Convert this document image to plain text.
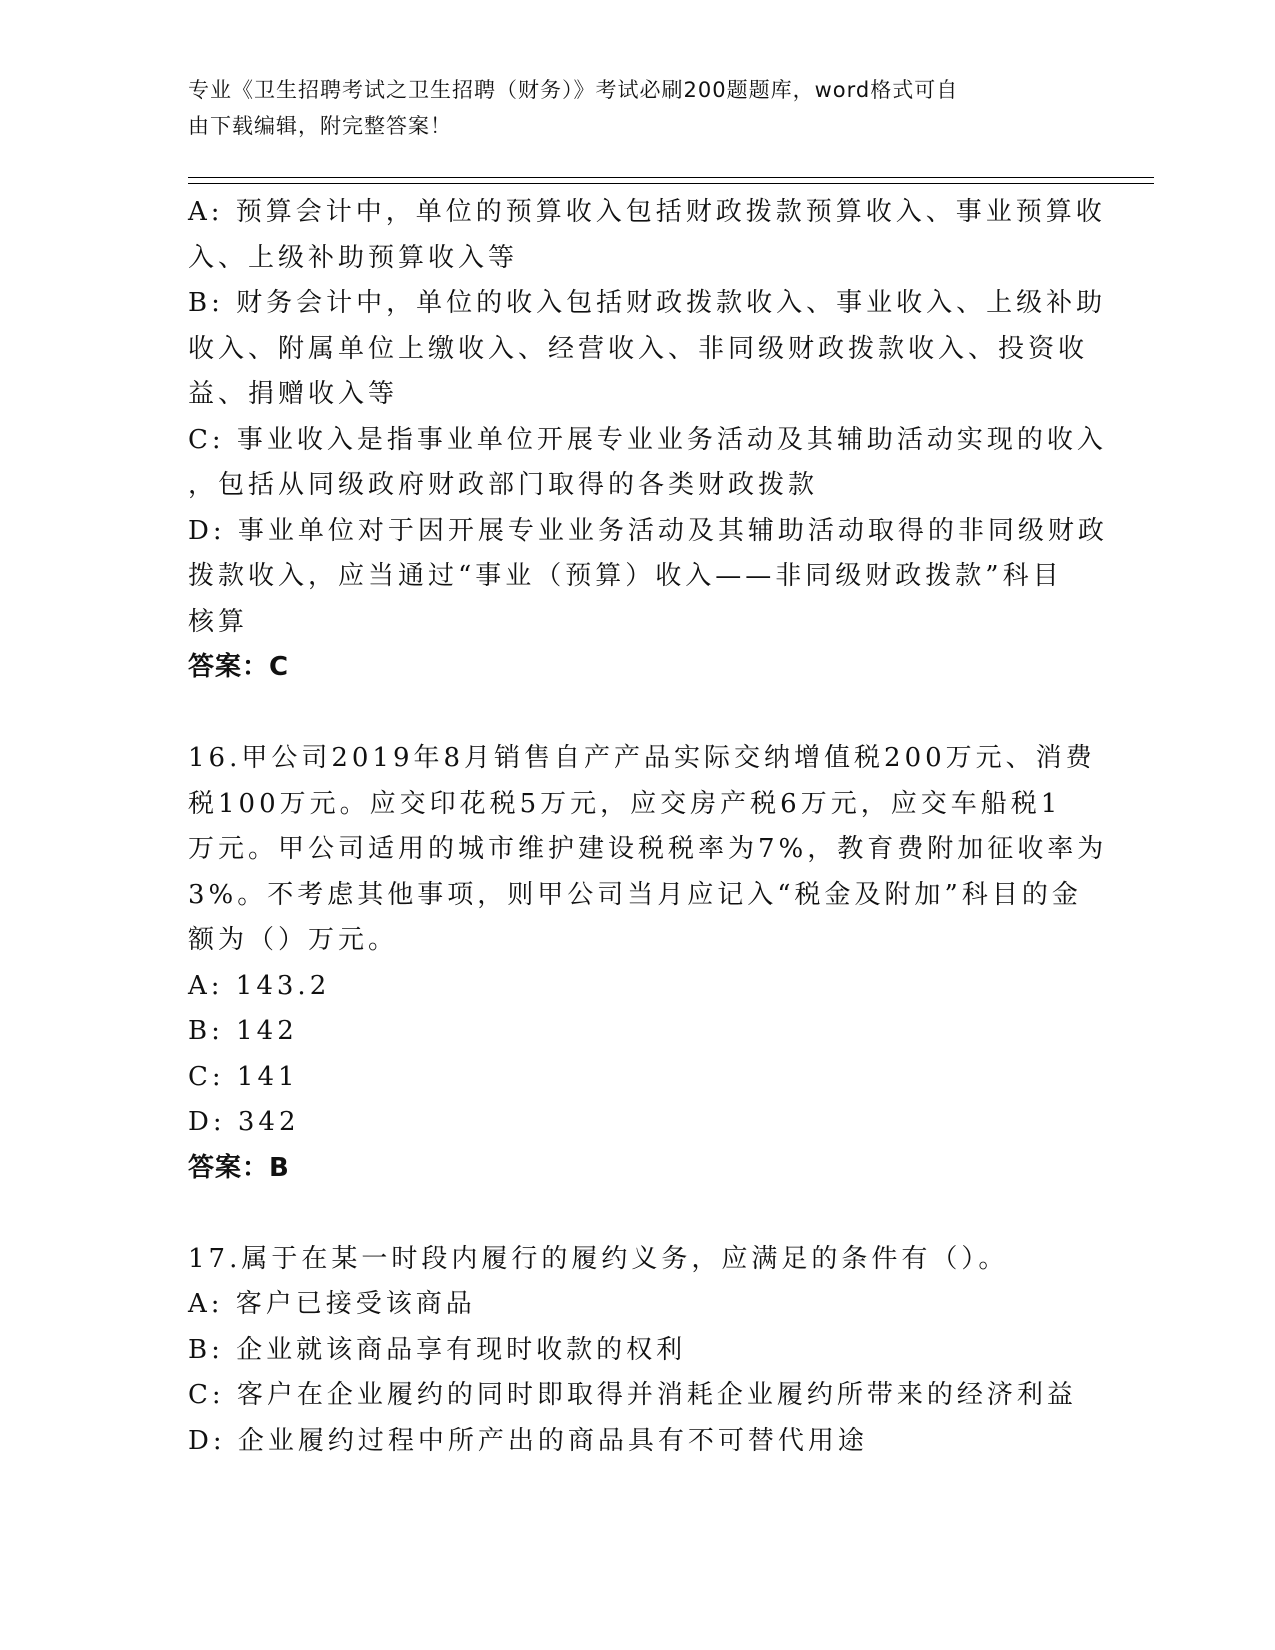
专业《卫生招聘考试之卫生招聘（财务）》考试必刷200题题库，word格式可自
由下载编辑，附完整答案！
A: 预算会计中，单位的预算收入包括财政拨款预算收入、事业预算收
入、上级补助预算收入等
B: 财务会计中，单位的收入包括财政拨款收入、事业收入、上级补助
收入、附属单位上缴收入、经营收入、非同级财政拨款收入、投资收
益、捐赠收入等
C: 事业收入是指事业单位开展专业业务活动及其辅助活动实现的收入
，包括从同级政府财政部门取得的各类财政拨款
D: 事业单位对于因开展专业业务活动及其辅助活动取得的非同级财政
拨款收入，应当通过“事业（预算）收入——非同级财政拨款”科目
核算
答案：C
16.甲公司2019年8月销售自产产品实际交纳增值税200万元、消费
税100万元。应交印花税5万元，应交房产税6万元，应交车船税1
万元。甲公司适用的城市维护建设税税率为7%，教育费附加征收率为
3%。不考虑其他事项，则甲公司当月应记入“税金及附加”科目的金
额为（）万元。
A: 143.2
B: 142
C: 141
D: 342
答案：B
17.属于在某一时段内履行的履约义务，应满足的条件有（）。
A: 客户已接受该商品
B: 企业就该商品享有现时收款的权利
C: 客户在企业履约的同时即取得并消耗企业履约所带来的经济利益
D: 企业履约过程中所产出的商品具有不可替代用途
